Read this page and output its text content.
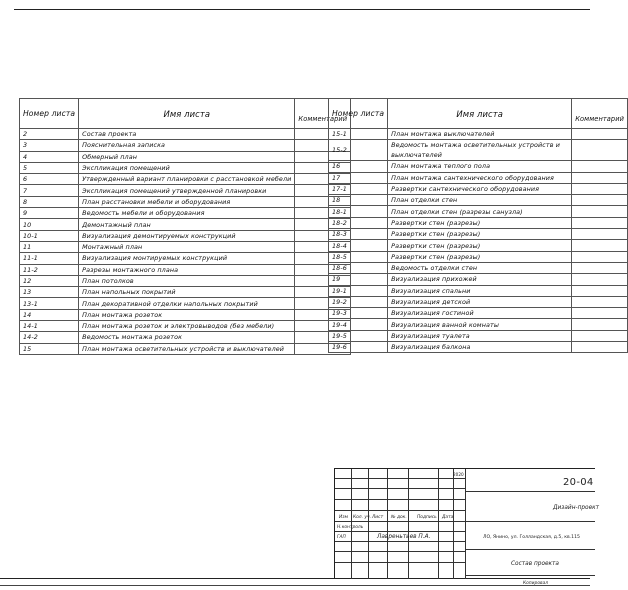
Номер листа	Имя листа	Комментарий
2	Состав проекта	
3	Пояснительная записка	
4	Обмерный план	
5	Экспликация помещений	
6	Утвержденный вариант планировки с расстановкой мебели	
7	Экспликация помещений утвержденной планировки	
8	План расстановки мебели и оборудования	
9	Ведомость мебели и оборудования	
10	Демонтажный план	
10-1	Визуализация демонтируемых конструкций	
11	Монтажный план	
11-1	Визуализация монтируемых конструкций	
11-2	Разрезы монтажного плана	
12	План потолков	
13	План напольных покрытий	
13-1	План декоративной отделки напольных покрытий	
14	План монтажа розеток	
14-1	План монтажа розеток и электровыводов (без мебели)	
14-2	Ведомость монтажа розеток	
15	План монтажа осветительных устройств и выключателей	
Номер листа	Имя листа	Комментарий
15-1	План монтажа выключателей	
15-2	Ведомость монтажа осветительных устройств и выключателей	
16	План монтажа теплого пола	
17	План монтажа сантехнического оборудования	
17-1	Развертки сантехнического оборудования	
18	План отделки стен	
18-1	План отделки стен (разрезы санузла)	
18-2	Развертки стен (разрезы)	
18-3	Развертки стен (разрезы)	
18-4	Развертки стен (разрезы)	
18-5	Развертки стен (разрезы)	
18-6	Ведомость отделки стен	
19	Визуализация прихожей	
19-1	Визуализация спальни	
19-2	Визуализация детской	
19-3	Визуализация гостиной	
19-4	Визуализация ванной комнаты	
19-5	Визуализация туалета	
19-6	Визуализация балкона	
2020
Изм Кол. уч. Лист № док. Подпись Дата
Н.контроль
ГАП	Лавреньтьев П.А.
20-04
Дизайн-проект
ЛО, Янино, ул. Голландская, д.5, кв.115
Состав проекта
Копировал
